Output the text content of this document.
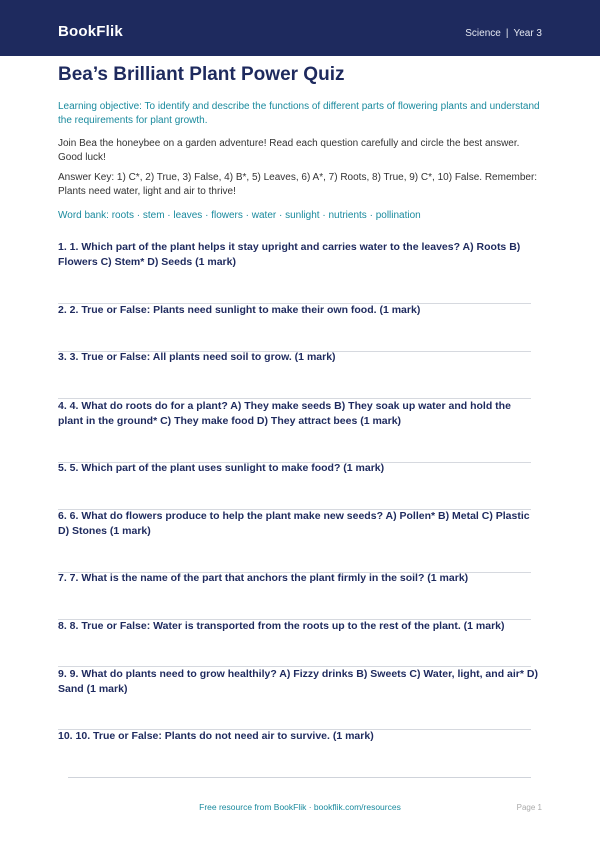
BookFlik	Science | Year 3
Bea’s Brilliant Plant Power Quiz

Learning objective: To identify and describe the functions of different parts of flowering plants and understand the requirements for plant growth.

Join Bea the honeybee on a garden adventure! Read each question carefully and circle the best answer. Good luck!

Answer Key: 1) C*, 2) True, 3) False, 4) B*, 5) Leaves, 6) A*, 7) Roots, 8) True, 9) C*, 10) False. Remember: Plants need water, light and air to thrive!

Word bank: roots · stem · leaves · flowers · water · sunlight · nutrients · pollination

1. 1. Which part of the plant helps it stay upright and carries water to the leaves? A) Roots B) Flowers C) Stem* D) Seeds (1 mark)

2. 2. True or False: Plants need sunlight to make their own food. (1 mark)

3. 3. True or False: All plants need soil to grow. (1 mark)

4. 4. What do roots do for a plant? A) They make seeds B) They soak up water and hold the plant in the ground* C) They make food D) They attract bees (1 mark)

5. 5. Which part of the plant uses sunlight to make food? (1 mark)

6. 6. What do flowers produce to help the plant make new seeds? A) Pollen* B) Metal C) Plastic D) Stones (1 mark)

7. 7. What is the name of the part that anchors the plant firmly in the soil? (1 mark)

8. 8. True or False: Water is transported from the roots up to the rest of the plant. (1 mark)

9. 9. What do plants need to grow healthily? A) Fizzy drinks B) Sweets C) Water, light, and air* D) Sand (1 mark)

10. 10. True or False: Plants do not need air to survive. (1 mark)

Free resource from BookFlik · bookflik.com/resources	Page 1
